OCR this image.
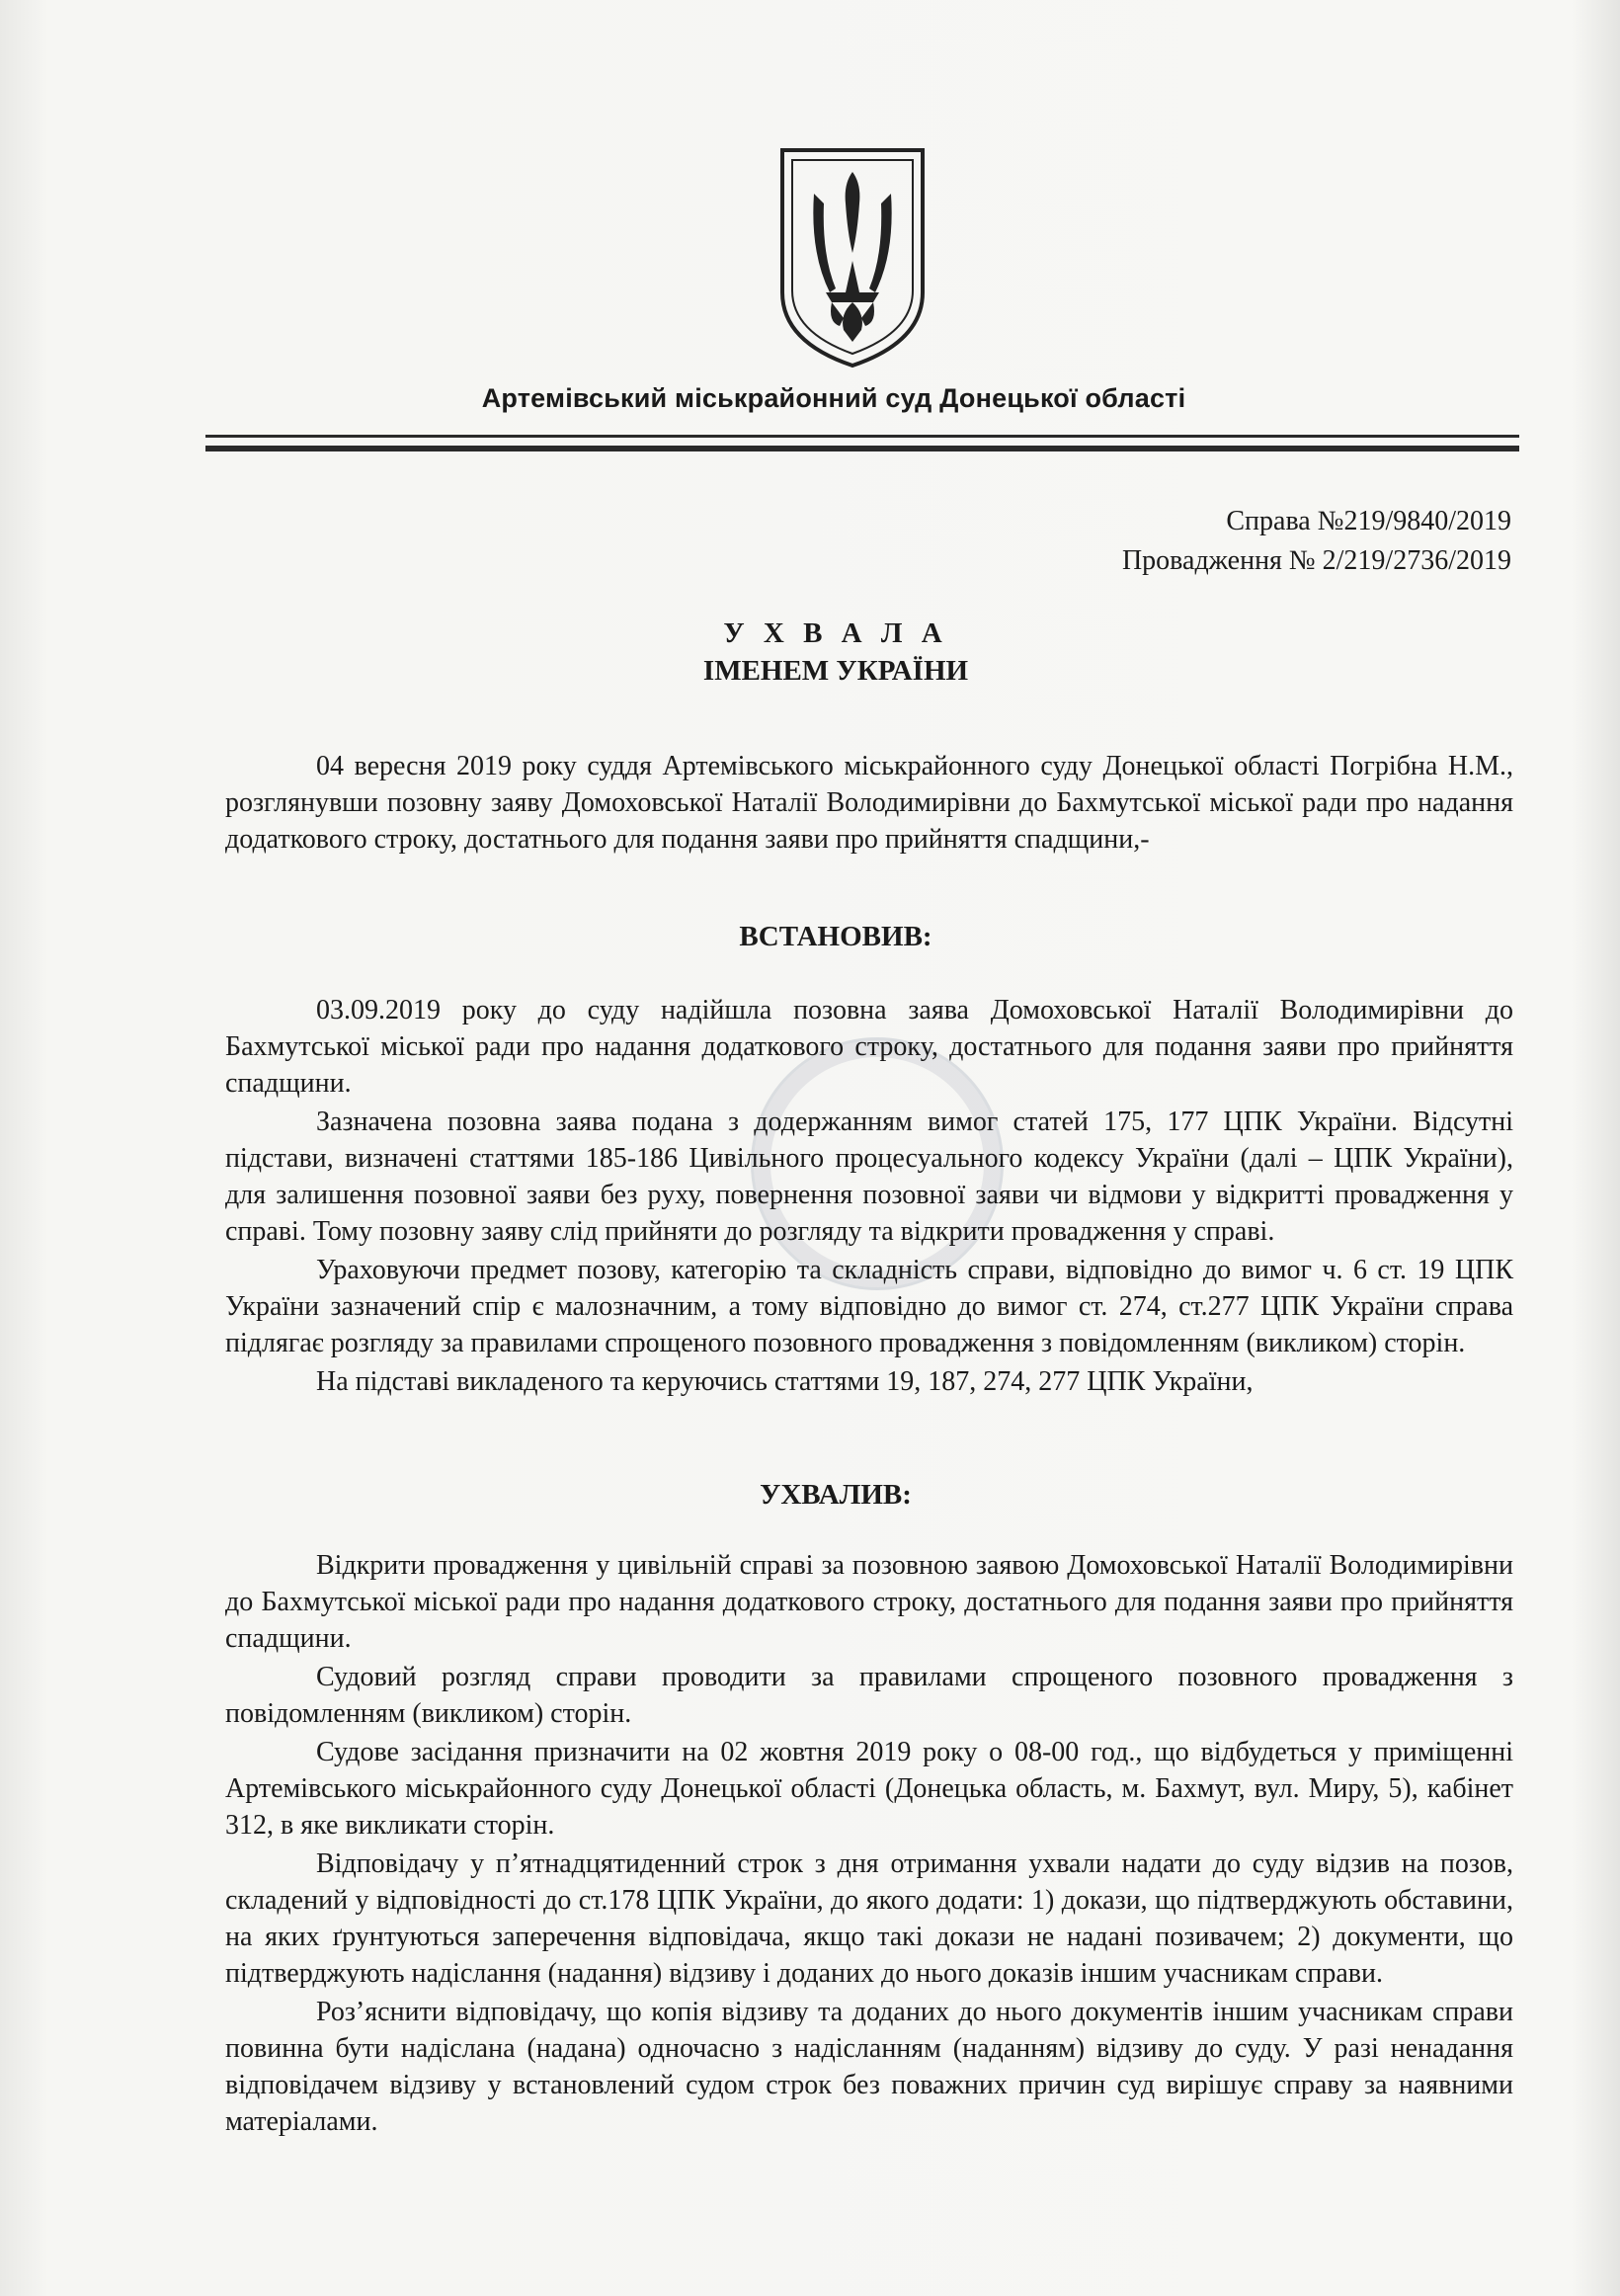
Артемівський міськрайонний суд Донецької області
Справа №219/9840/2019
Провадження № 2/219/2736/2019
У Х В А Л А
ІМЕНЕМ УКРАЇНИ

04 вересня 2019 року суддя Артемівського міськрайонного суду Донецької області Погрібна Н.М., розглянувши позовну заяву Домоховської Наталії Володимирівни до Бахмутської міської ради про надання додаткового строку, достатнього для подання заяви про прийняття спадщини,-

ВСТАНОВИВ:

03.09.2019 року до суду надійшла позовна заява Домоховської Наталії Володимирівни до Бахмутської міської ради про надання додаткового строку, достатнього для подання заяви про прийняття спадщини.

Зазначена позовна заява подана з додержанням вимог статей 175, 177 ЦПК України. Відсутні підстави, визначені статтями 185-186 Цивільного процесуального кодексу України (далі – ЦПК України), для залишення позовної заяви без руху, повернення позовної заяви чи відмови у відкритті провадження у справі. Тому позовну заяву слід прийняти до розгляду та відкрити провадження у справі.

Ураховуючи предмет позову, категорію та складність справи, відповідно до вимог ч. 6 ст. 19 ЦПК України зазначений спір є малозначним, а тому відповідно до вимог ст. 274, ст.277 ЦПК України справа підлягає розгляду за правилами спрощеного позовного провадження з повідомленням (викликом) сторін.

На підставі викладеного та керуючись статтями 19, 187, 274, 277 ЦПК України,

УХВАЛИВ:

Відкрити провадження у цивільній справі за позовною заявою Домоховської Наталії Володимирівни до Бахмутської міської ради про надання додаткового строку, достатнього для подання заяви про прийняття спадщини.

Судовий розгляд справи проводити за правилами спрощеного позовного провадження з повідомленням (викликом) сторін.

Судове засідання призначити на 02 жовтня 2019 року о 08-00 год., що відбудеться у приміщенні Артемівського міськрайонного суду Донецької області (Донецька область, м. Бахмут, вул. Миру, 5), кабінет 312, в яке викликати сторін.

Відповідачу у п’ятнадцятиденний строк з дня отримання ухвали надати до суду відзив на позов, складений у відповідності до ст.178 ЦПК України, до якого додати: 1) докази, що підтверджують обставини, на яких ґрунтуються заперечення відповідача, якщо такі докази не надані позивачем; 2) документи, що підтверджують надіслання (надання) відзиву і доданих до нього доказів іншим учасникам справи.

Роз’яснити відповідачу, що копія відзиву та доданих до нього документів іншим учасникам справи повинна бути надіслана (надана) одночасно з надісланням (наданням) відзиву до суду. У разі ненадання відповідачем відзиву у встановлений судом строк без поважних причин суд вирішує справу за наявними матеріалами.
